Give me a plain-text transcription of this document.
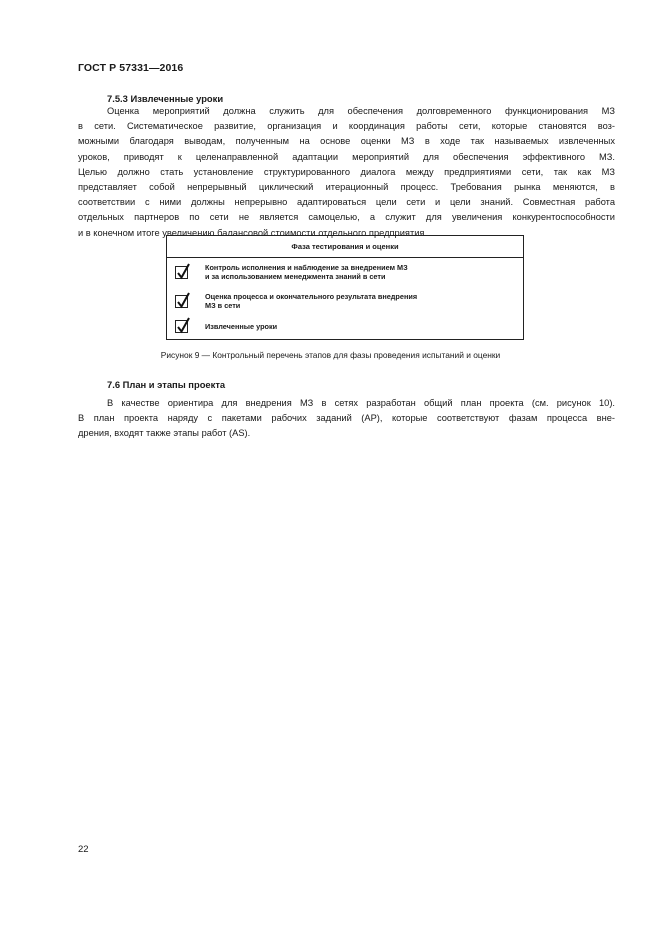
ГОСТ Р 57331—2016
7.5.3 Извлеченные уроки
Оценка мероприятий должна служить для обеспечения долговременного функционирования МЗ
в сети. Систематическое развитие, организация и координация работы сети, которые становятся воз-
можными благодаря выводам, полученным на основе оценки МЗ в ходе так называемых извлеченных
уроков, приводят к целенаправленной адаптации мероприятий для обеспечения эффективного МЗ.
Целью должно стать установление структурированного диалога между предприятиями сети, так как МЗ
представляет собой непрерывный циклический итерационный процесс. Требования рынка меняются, в
соответствии с ними должны непрерывно адаптироваться цели сети и цели знаний. Совместная работа
отдельных партнеров по сети не является самоцелью, а служит для увеличения конкурентоспособности
и в конечном итоге увеличению балансовой стоимости отдельного предприятия.
Фаза тестирования и оценки
Контроль исполнения и наблюдение за внедрением МЗ
и за использованием менеджмента знаний в сети
Оценка процесса и окончательного результата внедрения
МЗ в сети
Извлеченные уроки
Рисунок 9 — Контрольный перечень этапов для фазы проведения испытаний и оценки
7.6 План и этапы проекта
В качестве ориентира для внедрения МЗ в сетях разработан общий план проекта (см. рисунок 10).
В план проекта наряду с пакетами рабочих заданий (АР), которые соответствуют фазам процесса вне-
дрения, входят также этапы работ (AS).
22
